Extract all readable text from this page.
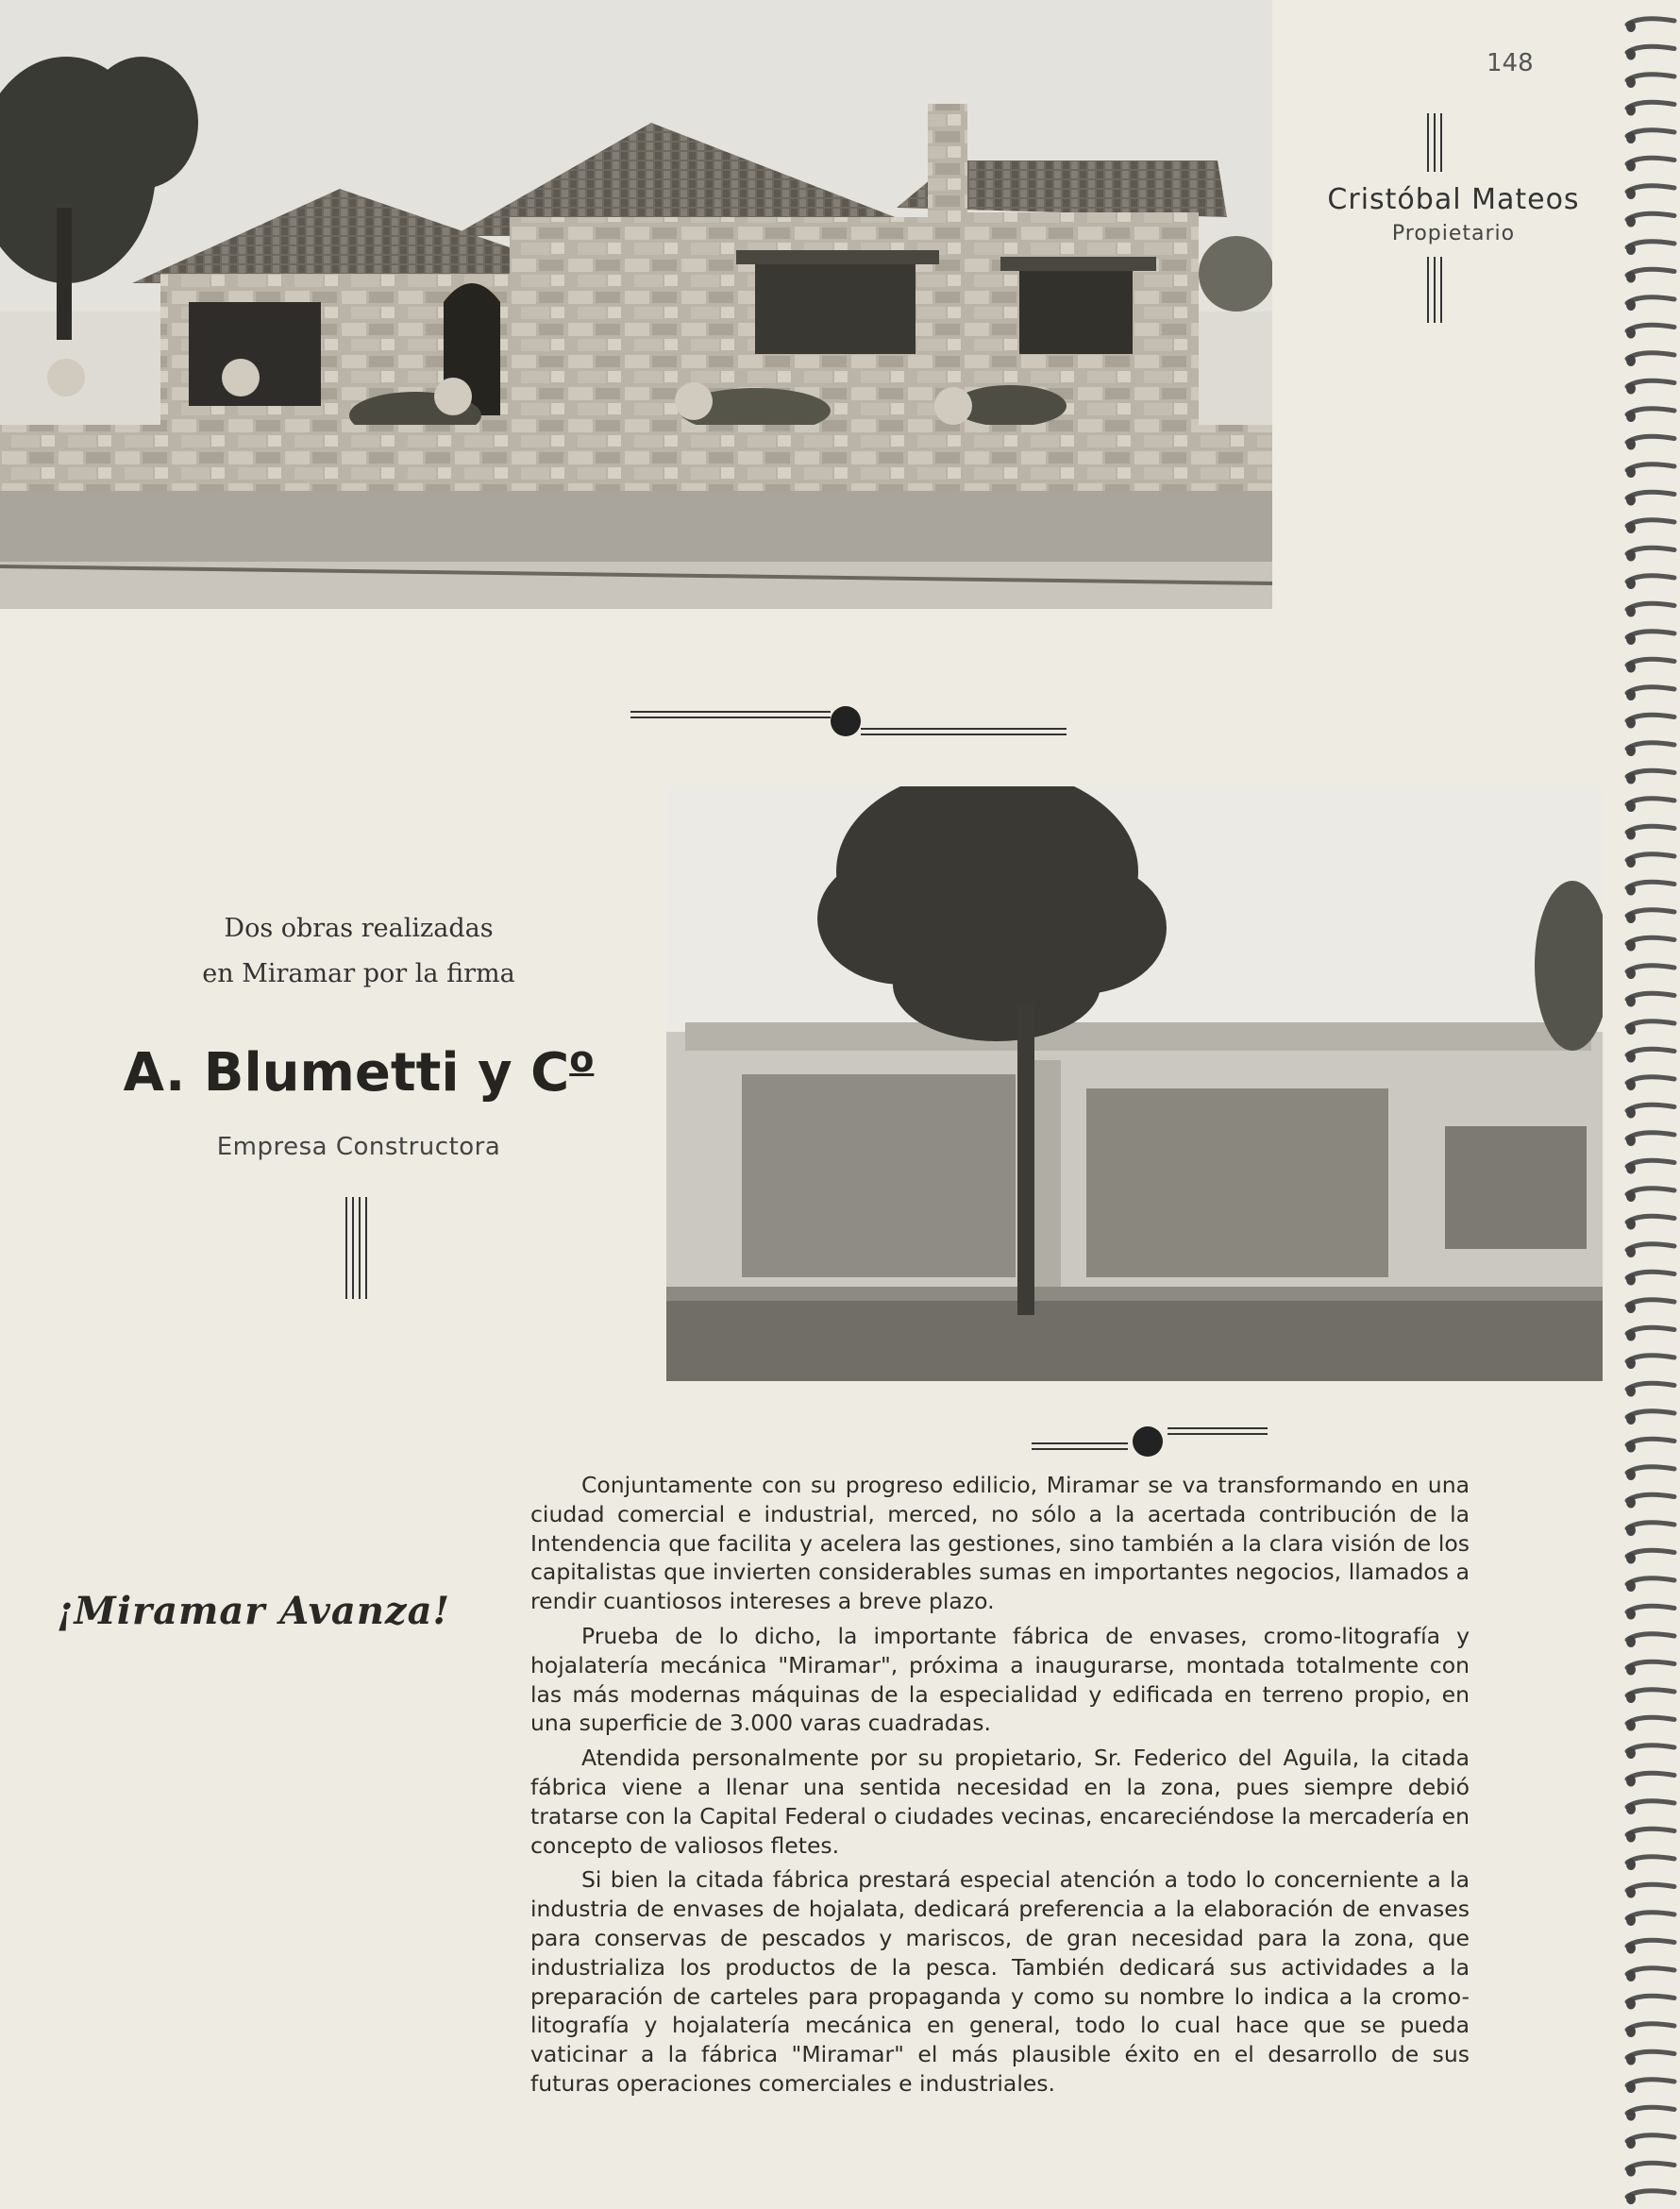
148
Cristóbal Mateos
Propietario
Dos obras realizadas
en Miramar por la firma
A. Blumetti y $C^o$
Empresa Constructora
¡Miramar Avanza!

Conjuntamente con su progreso edilicio, Miramar se va transformando en una ciudad comercial e industrial, merced, no sólo a la acertada contribución de la Intendencia que facilita y acelera las gestiones, sino también a la clara visión de los capitalistas que invierten considerables sumas en importantes negocios, llamados a rendir cuantiosos intereses a breve plazo.

Prueba de lo dicho, la importante fábrica de envases, cromo-litografía y hojalatería mecánica "Miramar", próxima a inaugurarse, montada totalmente con las más modernas máquinas de la especialidad y edificada en terreno propio, en una superficie de 3.000 varas cuadradas.

Atendida personalmente por su propietario, Sr. Federico del Aguila, la citada fábrica viene a llenar una sentida necesidad en la zona, pues siempre debió tratarse con la Capital Federal o ciudades vecinas, encareciéndose la mercadería en concepto de valiosos fletes.

Si bien la citada fábrica prestará especial atención a todo lo concerniente a la industria de envases de hojalata, dedicará preferencia a la elaboración de envases para conservas de pescados y mariscos, de gran necesidad para la zona, que industrializa los productos de la pesca. También dedicará sus actividades a la preparación de carteles para propaganda y como su nombre lo indica a la cromo-litografía y hojalatería mecánica en general, todo lo cual hace que se pueda vaticinar a la fábrica "Miramar" el más plausible éxito en el desarrollo de sus futuras operaciones comerciales e industriales.
